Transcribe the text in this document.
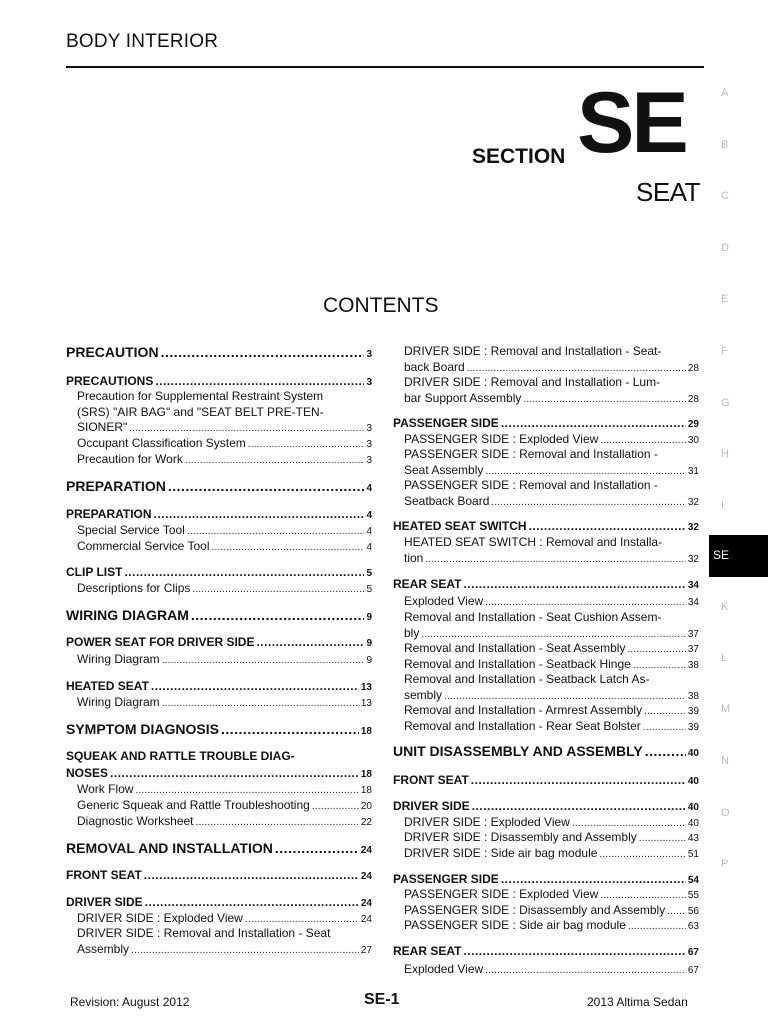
BODY INTERIOR
SECTION SE
SEAT
CONTENTS
PRECAUTION .....	3
PRECAUTIONS .....	3
Precaution for Supplemental Restraint System
(SRS) "AIR BAG" and "SEAT BELT PRE-TEN-
SIONER" .....	3
Occupant Classification System .....	3
Precaution for Work .....	3
PREPARATION .....	4
PREPARATION .....	4
Special Service Tool .....	4
Commercial Service Tool .....	4
CLIP LIST .....	5
Descriptions for Clips .....	5
WIRING DIAGRAM .....	9
POWER SEAT FOR DRIVER SIDE .....	9
Wiring Diagram .....	9
HEATED SEAT .....	13
Wiring Diagram .....	13
SYMPTOM DIAGNOSIS .....	18
SQUEAK AND RATTLE TROUBLE DIAG-
NOSES .....	18
Work Flow .....	18
Generic Squeak and Rattle Troubleshooting .....	20
Diagnostic Worksheet .....	22
REMOVAL AND INSTALLATION .....	24
FRONT SEAT .....	24
DRIVER SIDE .....	24
DRIVER SIDE : Exploded View .....	24
DRIVER SIDE : Removal and Installation - Seat
Assembly .....	27
DRIVER SIDE : Removal and Installation - Seat-
back Board .....	28
DRIVER SIDE : Removal and Installation - Lum-
bar Support Assembly .....	28
PASSENGER SIDE .....	29
PASSENGER SIDE : Exploded View .....	30
PASSENGER SIDE : Removal and Installation -
Seat Assembly .....	31
PASSENGER SIDE : Removal and Installation -
Seatback Board .....	32
HEATED SEAT SWITCH .....	32
HEATED SEAT SWITCH : Removal and Installa-
tion .....	32
REAR SEAT .....	34
Exploded View .....	34
Removal and Installation - Seat Cushion Assem-
bly .....	37
Removal and Installation - Seat Assembly .....	37
Removal and Installation - Seatback Hinge .....	38
Removal and Installation - Seatback Latch As-
sembly .....	38
Removal and Installation - Armrest Assembly .....	39
Removal and Installation - Rear Seat Bolster .....	39
UNIT DISASSEMBLY AND ASSEMBLY .....	40
FRONT SEAT .....	40
DRIVER SIDE .....	40
DRIVER SIDE : Exploded View .....	40
DRIVER SIDE : Disassembly and Assembly .....	43
DRIVER SIDE : Side air bag module .....	51
PASSENGER SIDE .....	54
PASSENGER SIDE : Exploded View .....	55
PASSENGER SIDE : Disassembly and Assembly ..... 56
PASSENGER SIDE : Side air bag module .....	63
REAR SEAT .....	67
Exploded View .....	67
A
B
C
D
E
F
G
H
I
SE
K
L
M
N
O
P
Revision: August 2012	SE-1	2013 Altima Sedan
